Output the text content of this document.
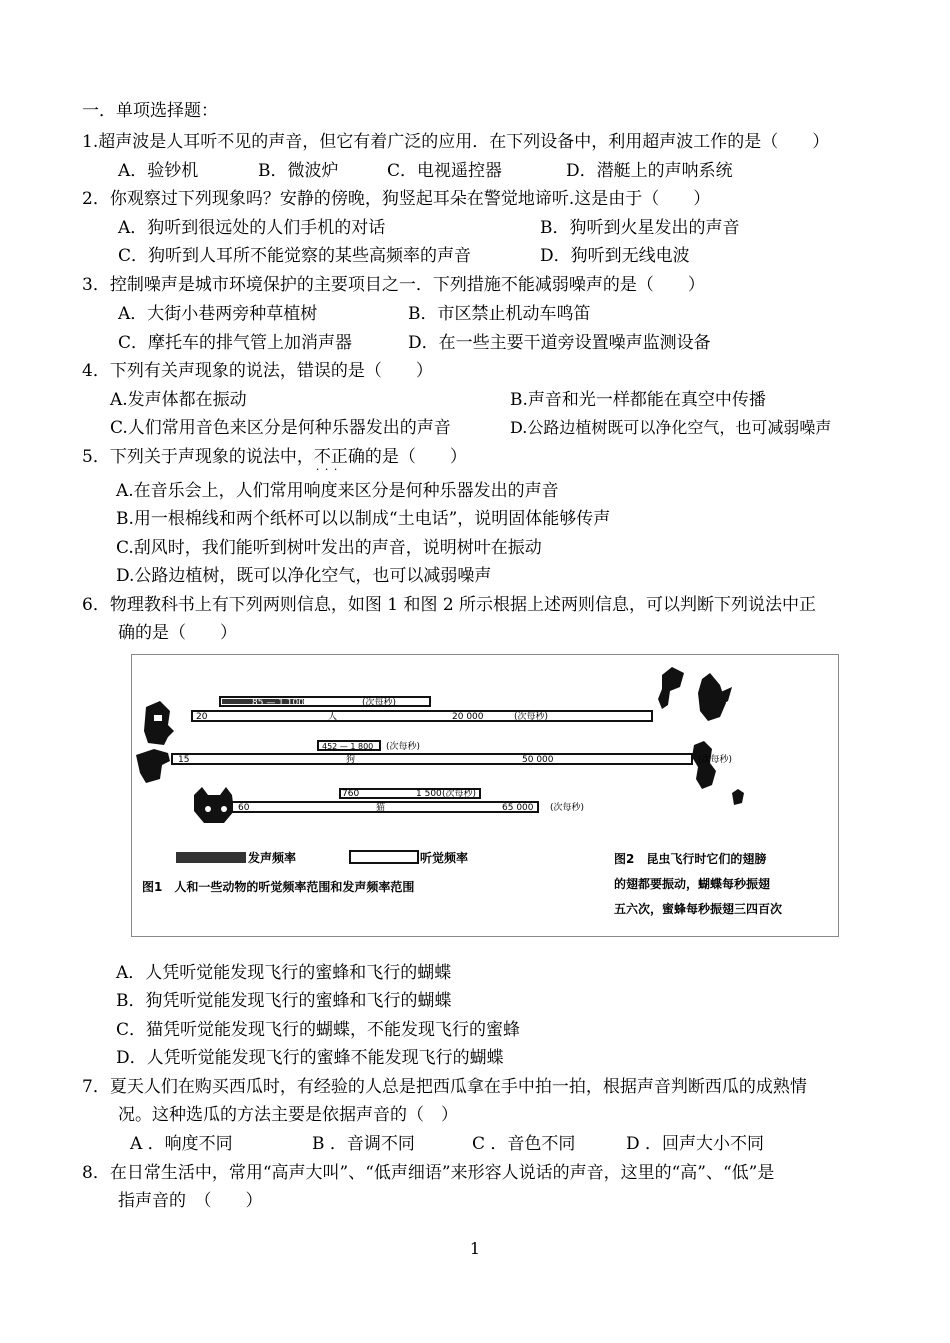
一．单项选择题：
1.超声波是人耳听不见的声音，但它有着广泛的应用．在下列设备中，利用超声波工作的是（　　）
A．验钞机	B．微波炉	C．电视遥控器	D．潜艇上的声呐系统
2．你观察过下列现象吗？安静的傍晚，狗竖起耳朵在警觉地谛听.这是由于（　　）
A．狗听到很远处的人们手机的对话	B．狗听到火星发出的声音
C．狗听到人耳所不能觉察的某些高频率的声音	D．狗听到无线电波
3．控制噪声是城市环境保护的主要项目之一．下列措施不能减弱噪声的是（　　）
A．大街小巷两旁种草植树	B．市区禁止机动车鸣笛
C．摩托车的排气管上加消声器	D．在一些主要干道旁设置噪声监测设备
4．下列有关声现象的说法，错误的是（　　）
A.发声体都在振动	B.声音和光一样都能在真空中传播
C.人们常用音色来区分是何种乐器发出的声音	D.公路边植树既可以净化空气，也可减弱噪声
5．下列关于声现象的说法中，不正确 · · ·的是（　　）
A.在音乐会上，人们常用响度来区分是何种乐器发出的声音
B.用一根棉线和两个纸杯可以以制成“土电话”，说明固体能够传声
C.刮风时，我们能听到树叶发出的声音，说明树叶在振动
D.公路边植树，既可以净化空气，也可以减弱噪声
6．物理教科书上有下列两则信息，如图 1 和图 2 所示根据上述两则信息，可以判断下列说法中正
确的是（　　）
85 — 1 100	(次每秒)
20	人	20 000	(次每秒)
452 — 1 800 (次每秒)
15	狗	50 000	(次每秒)
760	1 500 (次每秒)
60	猫	65 000 (次每秒)
发声频率	听觉频率
图1　人和一些动物的听觉频率范围和发声频率范围
图2　昆虫飞行时它们的翅膀
的翅都要振动，蝴蝶每秒振翅
五六次，蜜蜂每秒振翅三四百次
A．人凭听觉能发现飞行的蜜蜂和飞行的蝴蝶
B．狗凭听觉能发现飞行的蜜蜂和飞行的蝴蝶
C．猫凭听觉能发现飞行的蝴蝶，不能发现飞行的蜜蜂
D．人凭听觉能发现飞行的蜜蜂不能发现飞行的蝴蝶
7．夏天人们在购买西瓜时，有经验的人总是把西瓜拿在手中拍一拍，根据声音判断西瓜的成熟情
况。这种选瓜的方法主要是依据声音的（　）
A ．响度不同	B ．音调不同	C ．音色不同	D ．回声大小不同
8．在日常生活中，常用“高声大叫”、“低声细语”来形容人说话的声音，这里的“高”、“低”是
指声音的　（　　）
1
